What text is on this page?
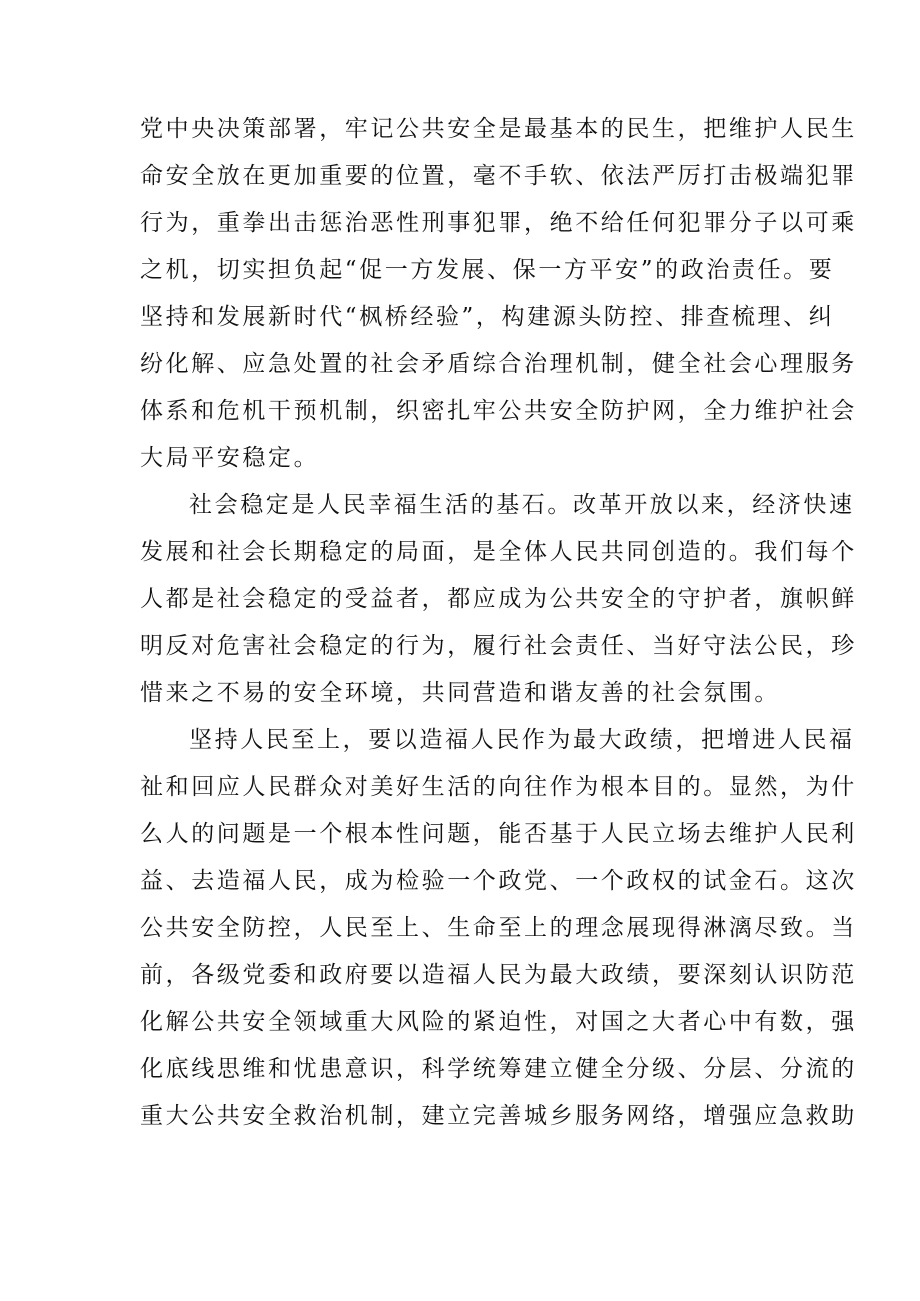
党中央决策部署，牢记公共安全是最基本的民生，把维护人民生
命安全放在更加重要的位置，毫不手软、依法严厉打击极端犯罪
行为，重拳出击惩治恶性刑事犯罪，绝不给任何犯罪分子以可乘
之机，切实担负起“促一方发展、保一方平安”的政治责任。要
坚持和发展新时代“枫桥经验”，构建源头防控、排查梳理、纠
纷化解、应急处置的社会矛盾综合治理机制，健全社会心理服务
体系和危机干预机制，织密扎牢公共安全防护网，全力维护社会
大局平安稳定。
社会稳定是人民幸福生活的基石。改革开放以来，经济快速
发展和社会长期稳定的局面，是全体人民共同创造的。我们每个
人都是社会稳定的受益者，都应成为公共安全的守护者，旗帜鲜
明反对危害社会稳定的行为，履行社会责任、当好守法公民，珍
惜来之不易的安全环境，共同营造和谐友善的社会氛围。
坚持人民至上，要以造福人民作为最大政绩，把增进人民福
祉和回应人民群众对美好生活的向往作为根本目的。显然，为什
么人的问题是一个根本性问题，能否基于人民立场去维护人民利
益、去造福人民，成为检验一个政党、一个政权的试金石。这次
公共安全防控，人民至上、生命至上的理念展现得淋漓尽致。当
前，各级党委和政府要以造福人民为最大政绩，要深刻认识防范
化解公共安全领域重大风险的紧迫性，对国之大者心中有数，强
化底线思维和忧患意识，科学统筹建立健全分级、分层、分流的
重大公共安全救治机制，建立完善城乡服务网络，增强应急救助
